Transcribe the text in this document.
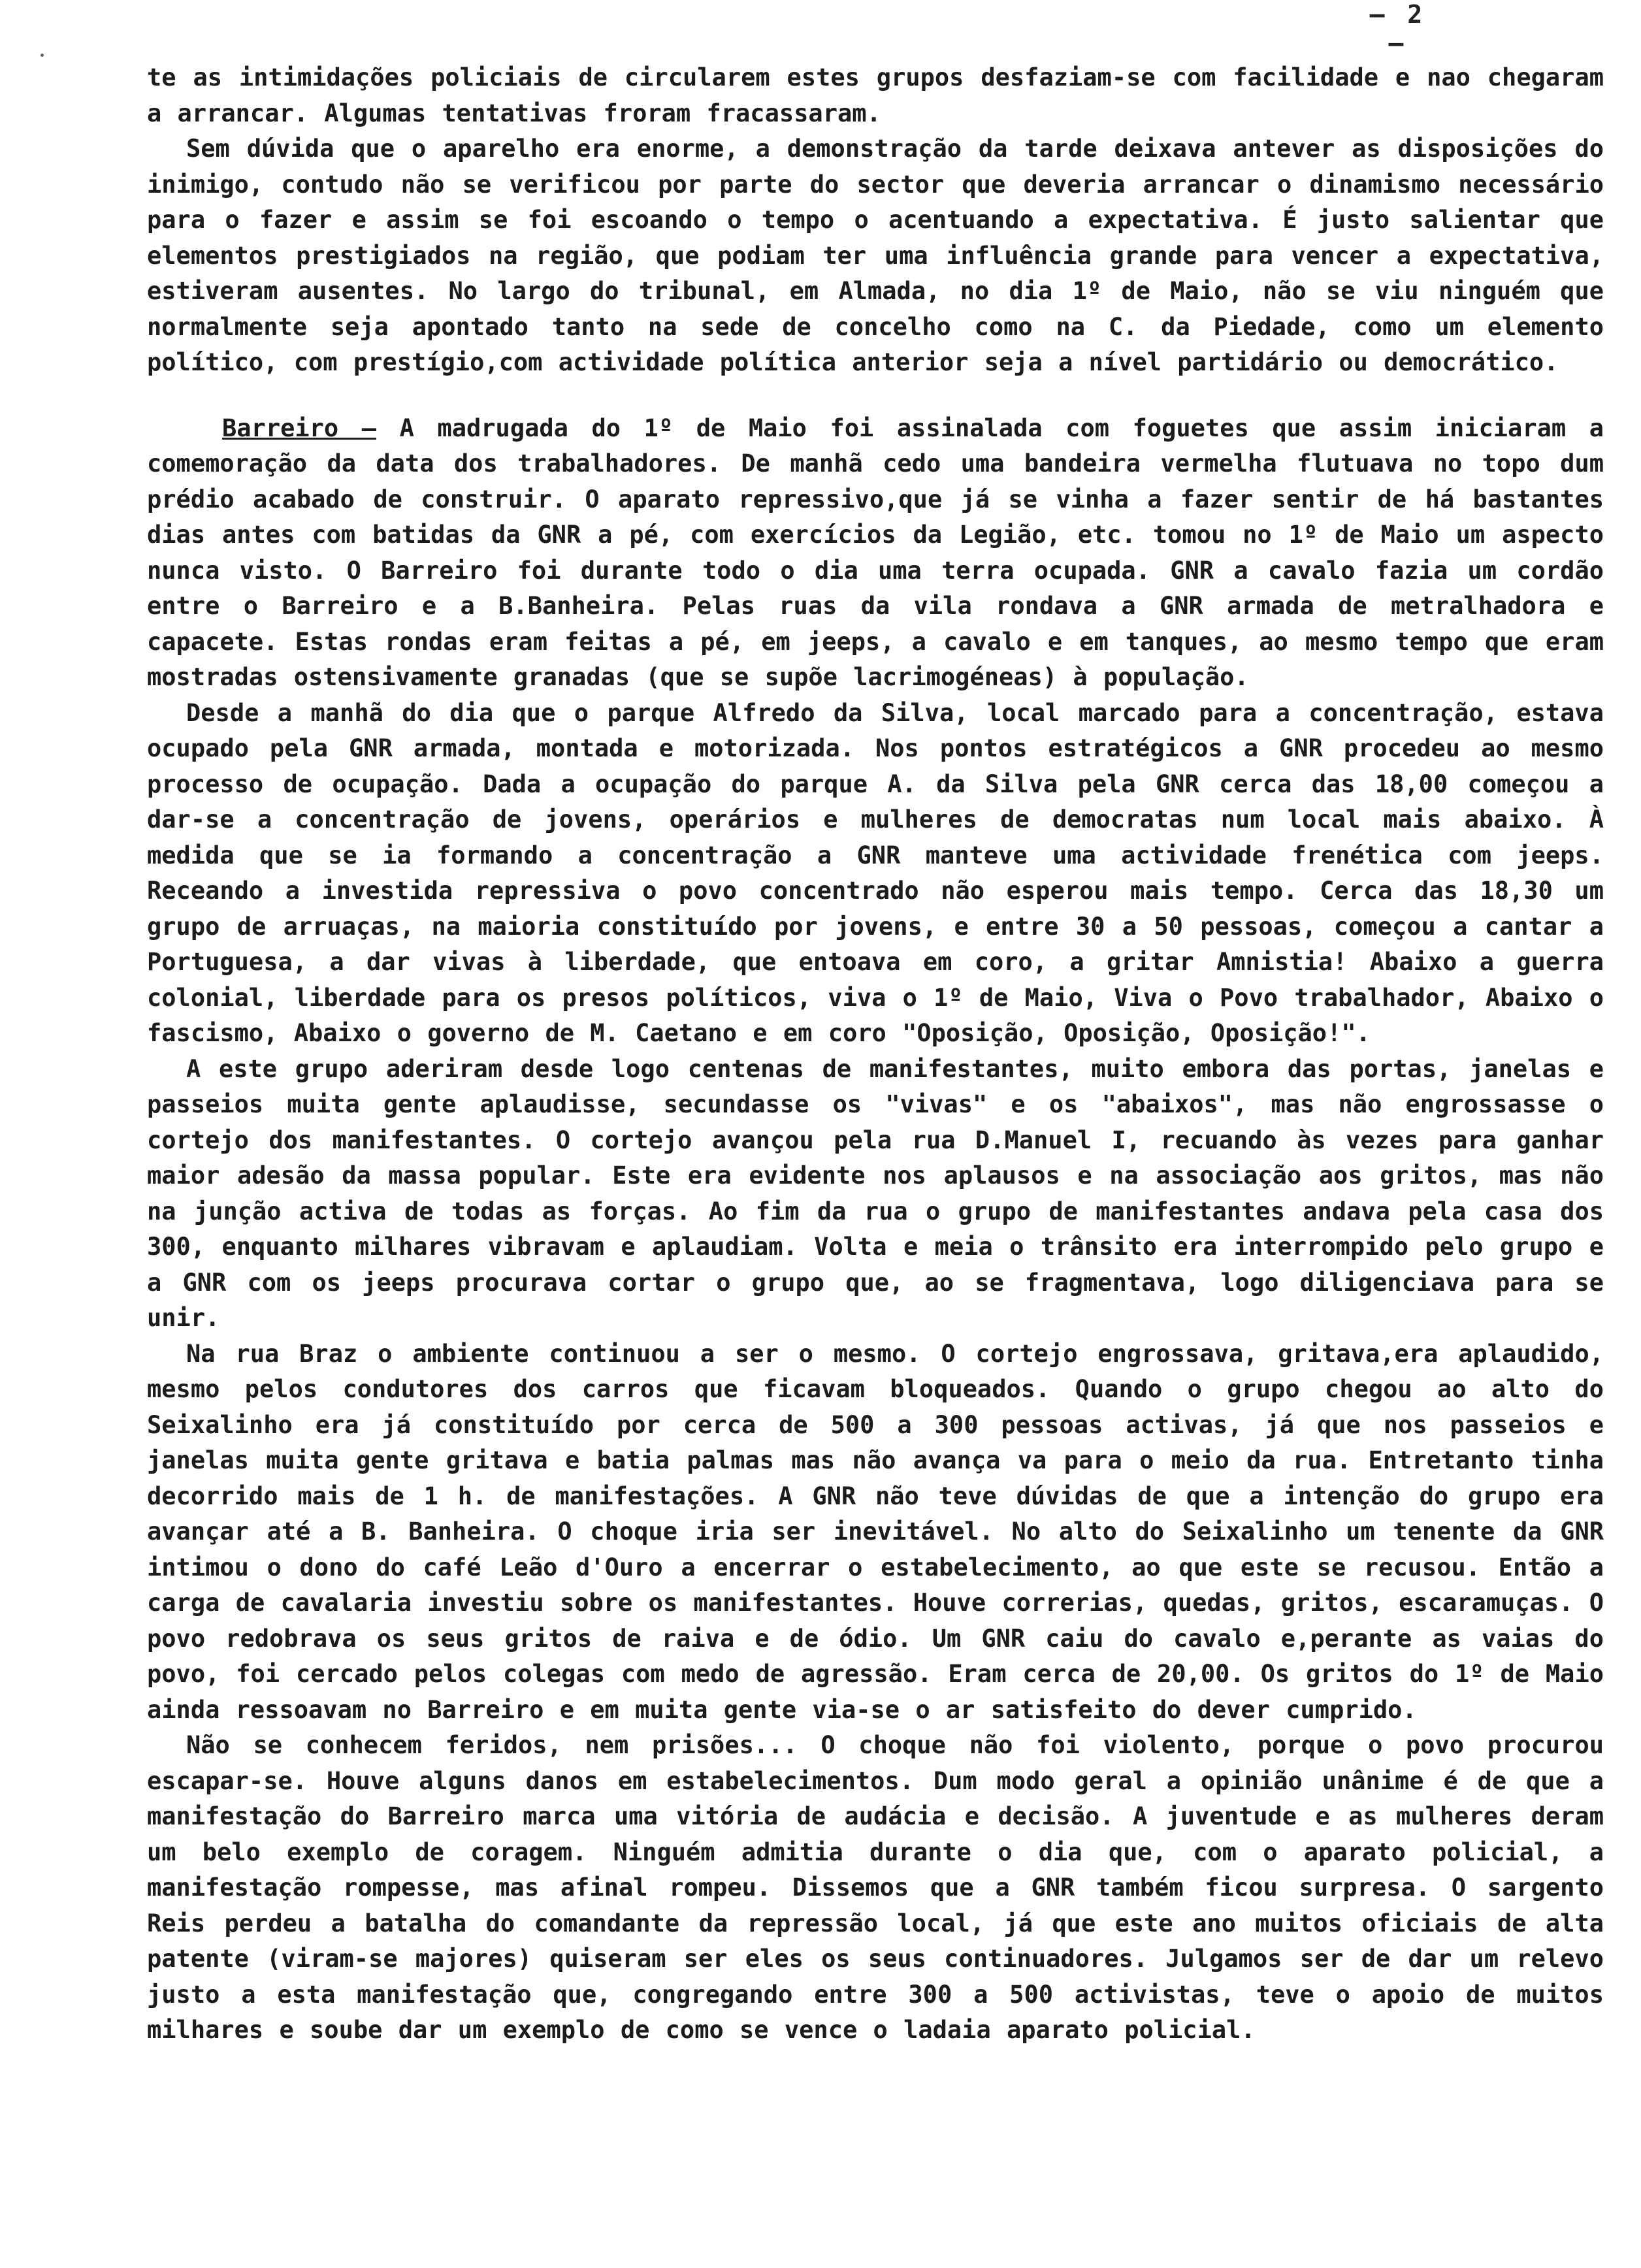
– 2 –

te as intimidações policiais de circularem estes grupos desfaziam-se com facilidade e nao chegaram a arrancar. Algumas tentativas froram fracassaram.

Sem dúvida que o aparelho era enorme, a demonstração da tarde deixava antever as disposições do inimigo, contudo não se verificou por parte do sector que deveria arrancar o dinamismo necessário para o fazer e assim se foi escoando o tempo o acentuando a expectativa. É justo salientar que elementos prestigiados na região, que podiam ter uma influência grande para vencer a expectativa, estiveram ausentes. No largo do tribunal, em Almada, no dia 1º de Maio, não se viu ninguém que normalmente seja apontado tanto na sede de concelho como na C. da Piedade, como um elemento político, com prestígio,com actividade política anterior seja a nível partidário ou democrático.

Barreiro – A madrugada do 1º de Maio foi assinalada com foguetes que assim iniciaram a comemoração da data dos trabalhadores. De manhã cedo uma bandeira vermelha flutuava no topo dum prédio acabado de construir. O aparato repressivo,que já se vinha a fazer sentir de há bastantes dias antes com batidas da GNR a pé, com exercícios da Legião, etc. tomou no 1º de Maio um aspecto nunca visto. O Barreiro foi durante todo o dia uma terra ocupada. GNR a cavalo fazia um cordão entre o Barreiro e a B.Banheira. Pelas ruas da vila rondava a GNR armada de metralhadora e capacete. Estas rondas eram feitas a pé, em jeeps, a cavalo e em tanques, ao mesmo tempo que eram mostradas ostensivamente granadas (que se supõe lacrimogéneas) à população.

Desde a manhã do dia que o parque Alfredo da Silva, local marcado para a concentração, estava ocupado pela GNR armada, montada e motorizada. Nos pontos estratégicos a GNR procedeu ao mesmo processo de ocupação. Dada a ocupação do parque A. da Silva pela GNR cerca das 18,00 começou a dar-se a concentração de jovens, operários e mulheres de democratas num local mais abaixo. À medida que se ia formando a concentração a GNR manteve uma actividade frenética com jeeps. Receando a investida repressiva o povo concentrado não esperou mais tempo. Cerca das 18,30 um grupo de arruaças, na maioria constituído por jovens, e entre 30 a 50 pessoas, começou a cantar a Portuguesa, a dar vivas à liberdade, que entoava em coro, a gritar Amnistia! Abaixo a guerra colonial, liberdade para os presos políticos, viva o 1º de Maio, Viva o Povo trabalhador, Abaixo o fascismo, Abaixo o governo de M. Caetano e em coro "Oposição, Oposição, Oposição!".

A este grupo aderiram desde logo centenas de manifestantes, muito embora das portas, janelas e passeios muita gente aplaudisse, secundasse os "vivas" e os "abaixos", mas não engrossasse o cortejo dos manifestantes. O cortejo avançou pela rua D.Manuel I, recuando às vezes para ganhar maior adesão da massa popular. Este era evidente nos aplausos e na associação aos gritos, mas não na junção activa de todas as forças. Ao fim da rua o grupo de manifestantes andava pela casa dos 300, enquanto milhares vibravam e aplaudiam. Volta e meia o trânsito era interrompido pelo grupo e a GNR com os jeeps procurava cortar o grupo que, ao se fragmentava, logo diligenciava para se unir.

Na rua Braz o ambiente continuou a ser o mesmo. O cortejo engrossava, gritava,era aplaudido, mesmo pelos condutores dos carros que ficavam bloqueados. Quando o grupo chegou ao alto do Seixalinho era já constituído por cerca de 500 a 300 pessoas activas, já que nos passeios e janelas muita gente gritava e batia palmas mas não avança va para o meio da rua. Entretanto tinha decorrido mais de 1 h. de manifestações. A GNR não teve dúvidas de que a intenção do grupo era avançar até a B. Banheira. O choque iria ser inevitável. No alto do Seixalinho um tenente da GNR intimou o dono do café Leão d'Ouro a encerrar o estabelecimento, ao que este se recusou. Então a carga de cavalaria investiu sobre os manifestantes. Houve correrias, quedas, gritos, escaramuças. O povo redobrava os seus gritos de raiva e de ódio. Um GNR caiu do cavalo e,perante as vaias do povo, foi cercado pelos colegas com medo de agressão. Eram cerca de 20,00. Os gritos do 1º de Maio ainda ressoavam no Barreiro e em muita gente via-se o ar satisfeito do dever cumprido.

Não se conhecem feridos, nem prisões... O choque não foi violento, porque o povo procurou escapar-se. Houve alguns danos em estabelecimentos. Dum modo geral a opinião unânime é de que a manifestação do Barreiro marca uma vitória de audácia e decisão. A juventude e as mulheres deram um belo exemplo de coragem. Ninguém admitia durante o dia que, com o aparato policial, a manifestação rompesse, mas afinal rompeu. Dissemos que a GNR também ficou surpresa. O sargento Reis perdeu a batalha do comandante da repressão local, já que este ano muitos oficiais de alta patente (viram-se majores) quiseram ser eles os seus continuadores. Julgamos ser de dar um relevo justo a esta manifestação que, congregando entre 300 a 500 activistas, teve o apoio de muitos milhares e soube dar um exemplo de como se vence o ladaia aparato policial.
